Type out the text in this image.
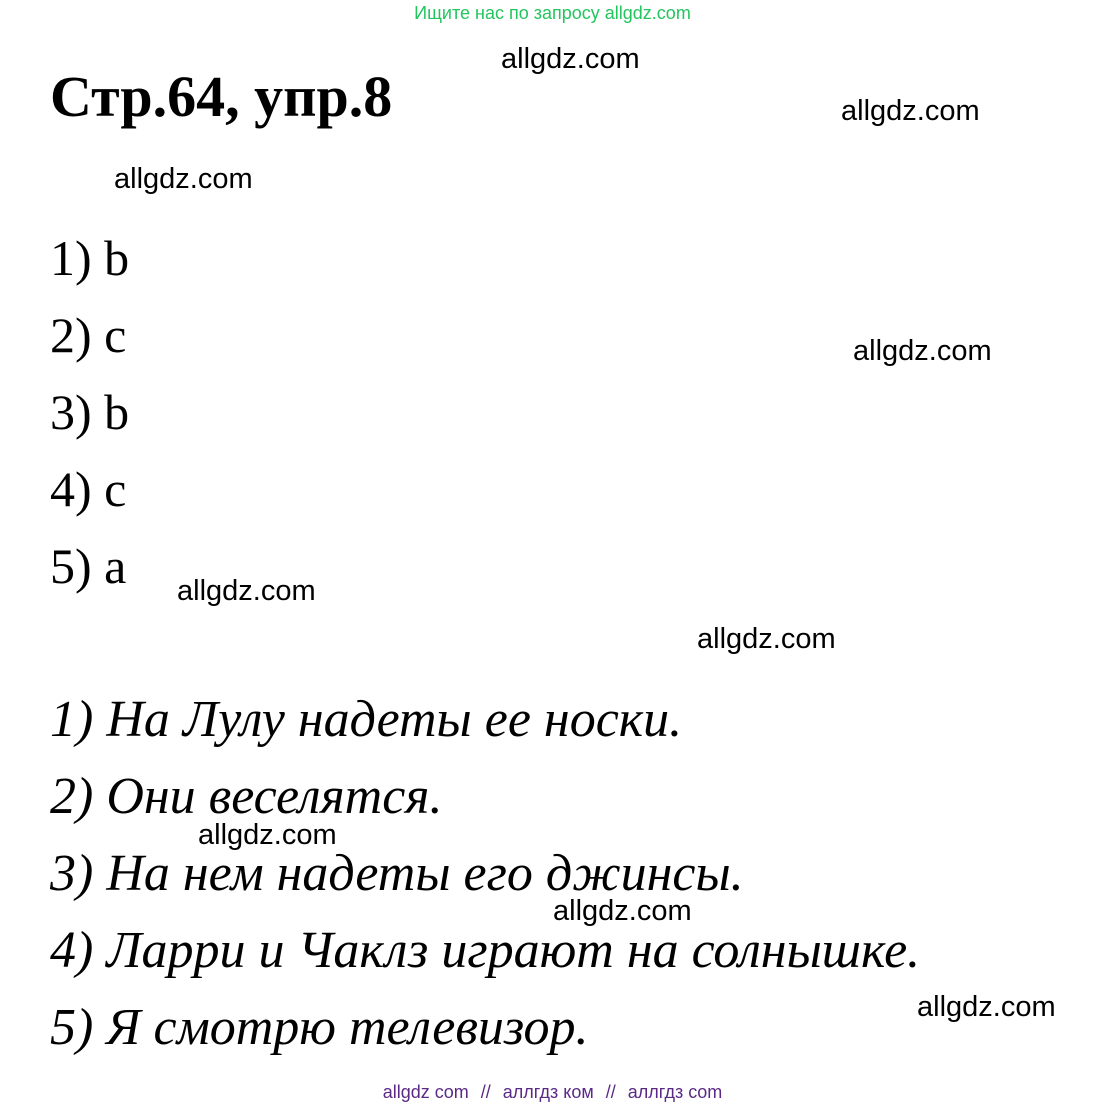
Ищите нас по запросу allgdz.com
Стр.64, упр.8
allgdz.com
allgdz.com
allgdz.com
allgdz.com
allgdz.com
allgdz.com
allgdz.com
allgdz.com
allgdz.com
1) b
2) c
3) b
4) c
5) a
1) На Лулу надеты ее носки.
2) Они веселятся.
3) На нем надеты его джинсы.
4) Ларри и Чаклз играют на солнышке.
5) Я смотрю телевизор.
allgdz com // аллгдз ком // аллгдз com
